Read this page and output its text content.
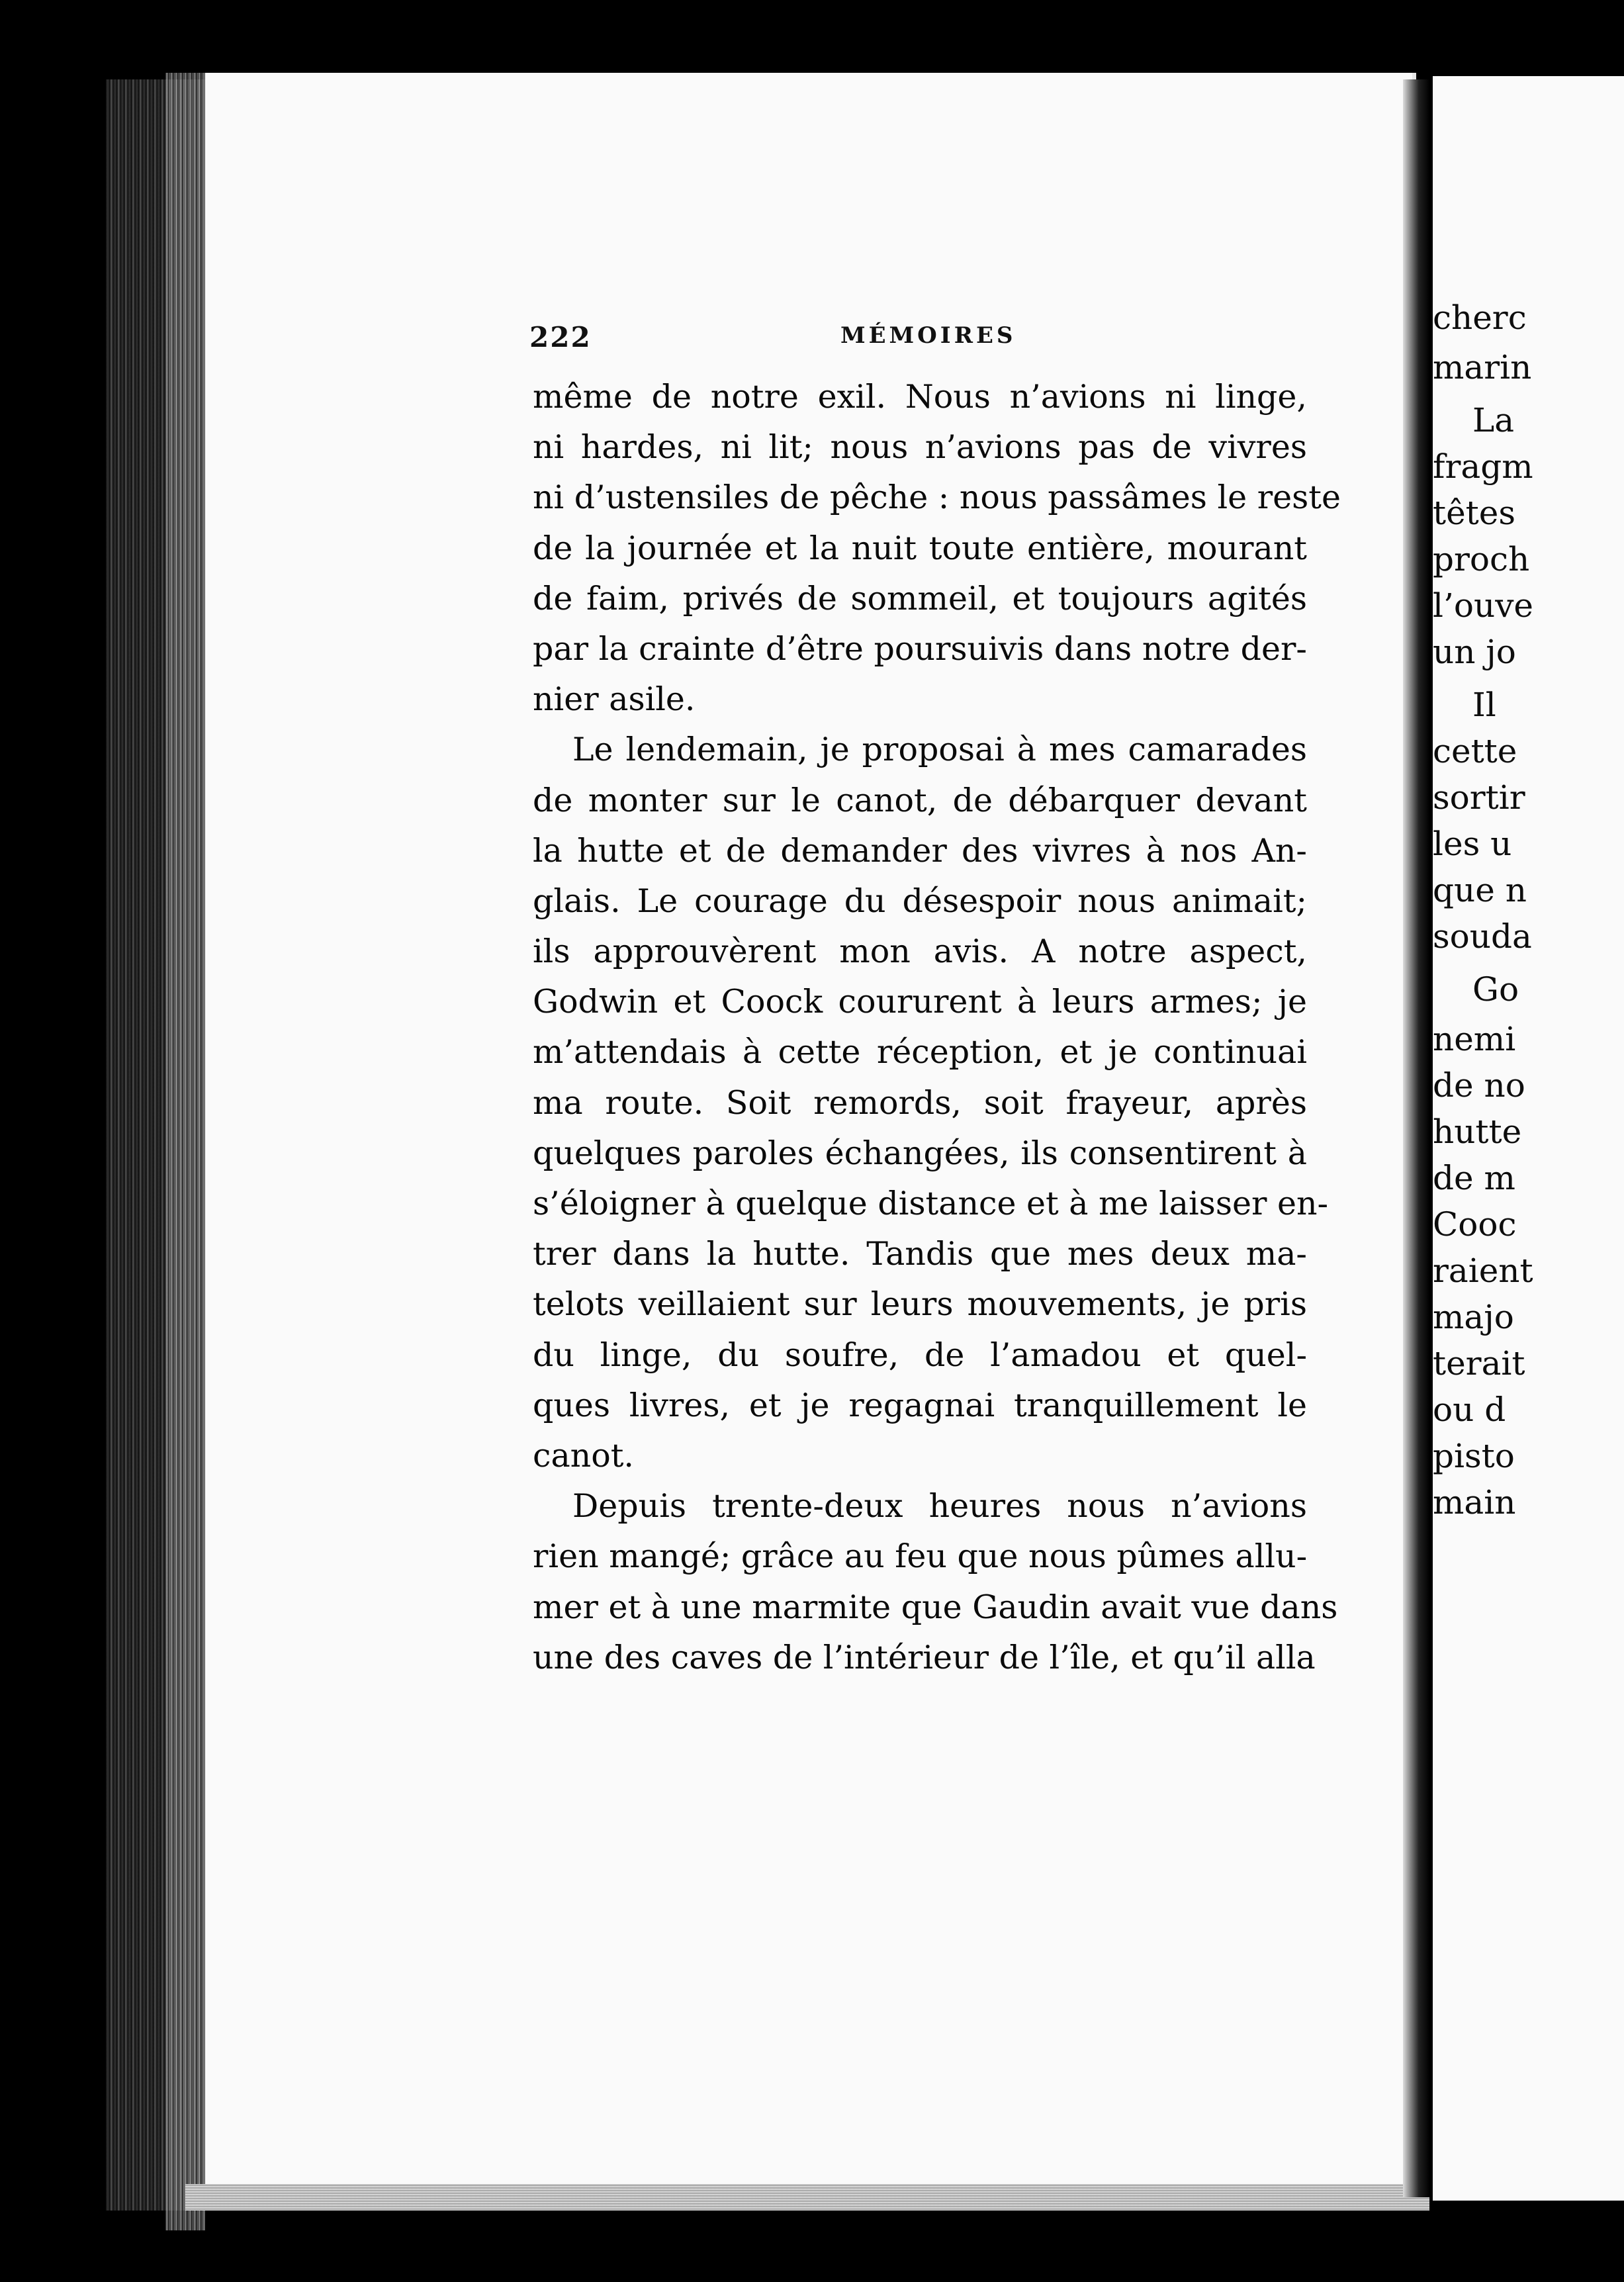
222	MÉMOIRES
même de notre exil. Nous n’avions ni linge,
ni hardes, ni lit; nous n’avions pas de vivres
ni d’ustensiles de pêche : nous passâmes le reste
de la journée et la nuit toute entière, mourant
de faim, privés de sommeil, et toujours agités
par la crainte d’être poursuivis dans notre der-
nier asile.
Le lendemain, je proposai à mes camarades
de monter sur le canot, de débarquer devant
la hutte et de demander des vivres à nos An-
glais. Le courage du désespoir nous animait;
ils approuvèrent mon avis. A notre aspect,
Godwin et Coock coururent à leurs armes; je
m’attendais à cette réception, et je continuai
ma route. Soit remords, soit frayeur, après
quelques paroles échangées, ils consentirent à
s’éloigner à quelque distance et à me laisser en-
trer dans la hutte. Tandis que mes deux ma-
telots veillaient sur leurs mouvements, je pris
du linge, du soufre, de l’amadou et quel-
ques livres, et je regagnai tranquillement le
canot.
Depuis trente-deux heures nous n’avions
rien mangé; grâce au feu que nous pûmes allu-
mer et à une marmite que Gaudin avait vue dans
une des caves de l’intérieur de l’île, et qu’il alla
cherc
marin
La
fragm
têtes
proch
l’ouve
un jo
Il
cette
sortir
les u
que n
souda
Go
nemi
de no
hutte
de m
Cooc
raient
majo
terait
ou d
pisto
main
